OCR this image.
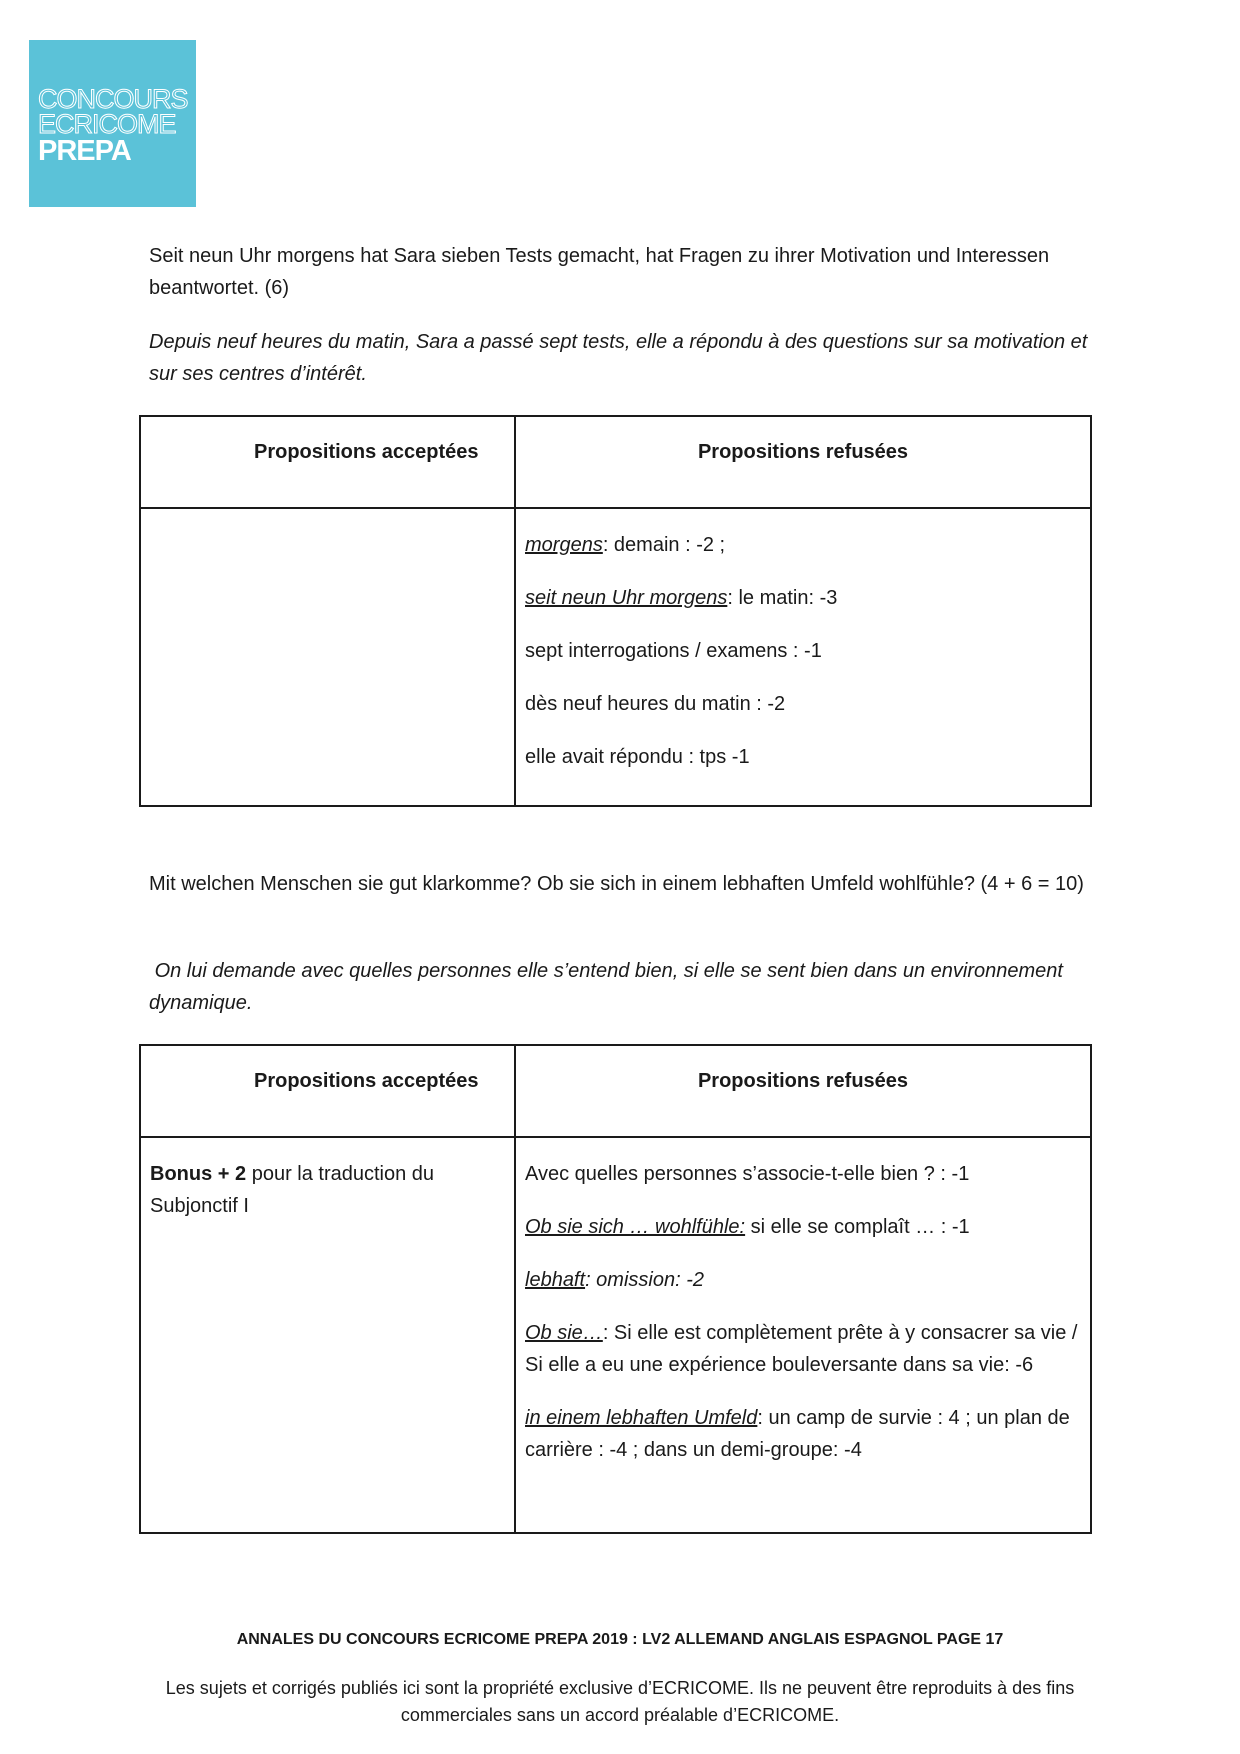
CONCOURS
ECRICOME
PREPA

Seit neun Uhr morgens hat Sara sieben Tests gemacht, hat Fragen zu ihrer Motivation und Interessen beantwortet. (6)

Depuis neuf heures du matin, Sara a passé sept tests, elle a répondu à des questions sur sa motivation et sur ses centres d’intérêt.

Propositions acceptées	Propositions refusées

	morgens: demain : -2 ;

seit neun Uhr morgens: le matin: -3

sept interrogations / examens : -1

dès neuf heures du matin : -2

elle avait répondu : tps -1

Mit welchen Menschen sie gut klarkomme? Ob sie sich in einem lebhaften Umfeld wohlfühle? (4 + 6 = 10)

On lui demande avec quelles personnes elle s’entend bien, si elle se sent bien dans un environnement dynamique.

Propositions acceptées	Propositions refusées

Bonus + 2 pour la traduction du Subjonctif I	Avec quelles personnes s’associe-t-elle bien ? : -1

Ob sie sich … wohlfühle: si elle se complaît … : -1

lebhaft: omission: -2

Ob sie…: Si elle est complètement prête à y consacrer sa vie / Si elle a eu une expérience bouleversante dans sa vie: -6

in einem lebhaften Umfeld: un camp de survie : 4 ; un plan de carrière : -4 ; dans un demi-groupe: -4

ANNALES DU CONCOURS ECRICOME PREPA 2019 : LV2 ALLEMAND ANGLAIS ESPAGNOL PAGE 17

Les sujets et corrigés publiés ici sont la propriété exclusive d’ECRICOME. Ils ne peuvent être reproduits à des fins commerciales sans un accord préalable d’ECRICOME.
